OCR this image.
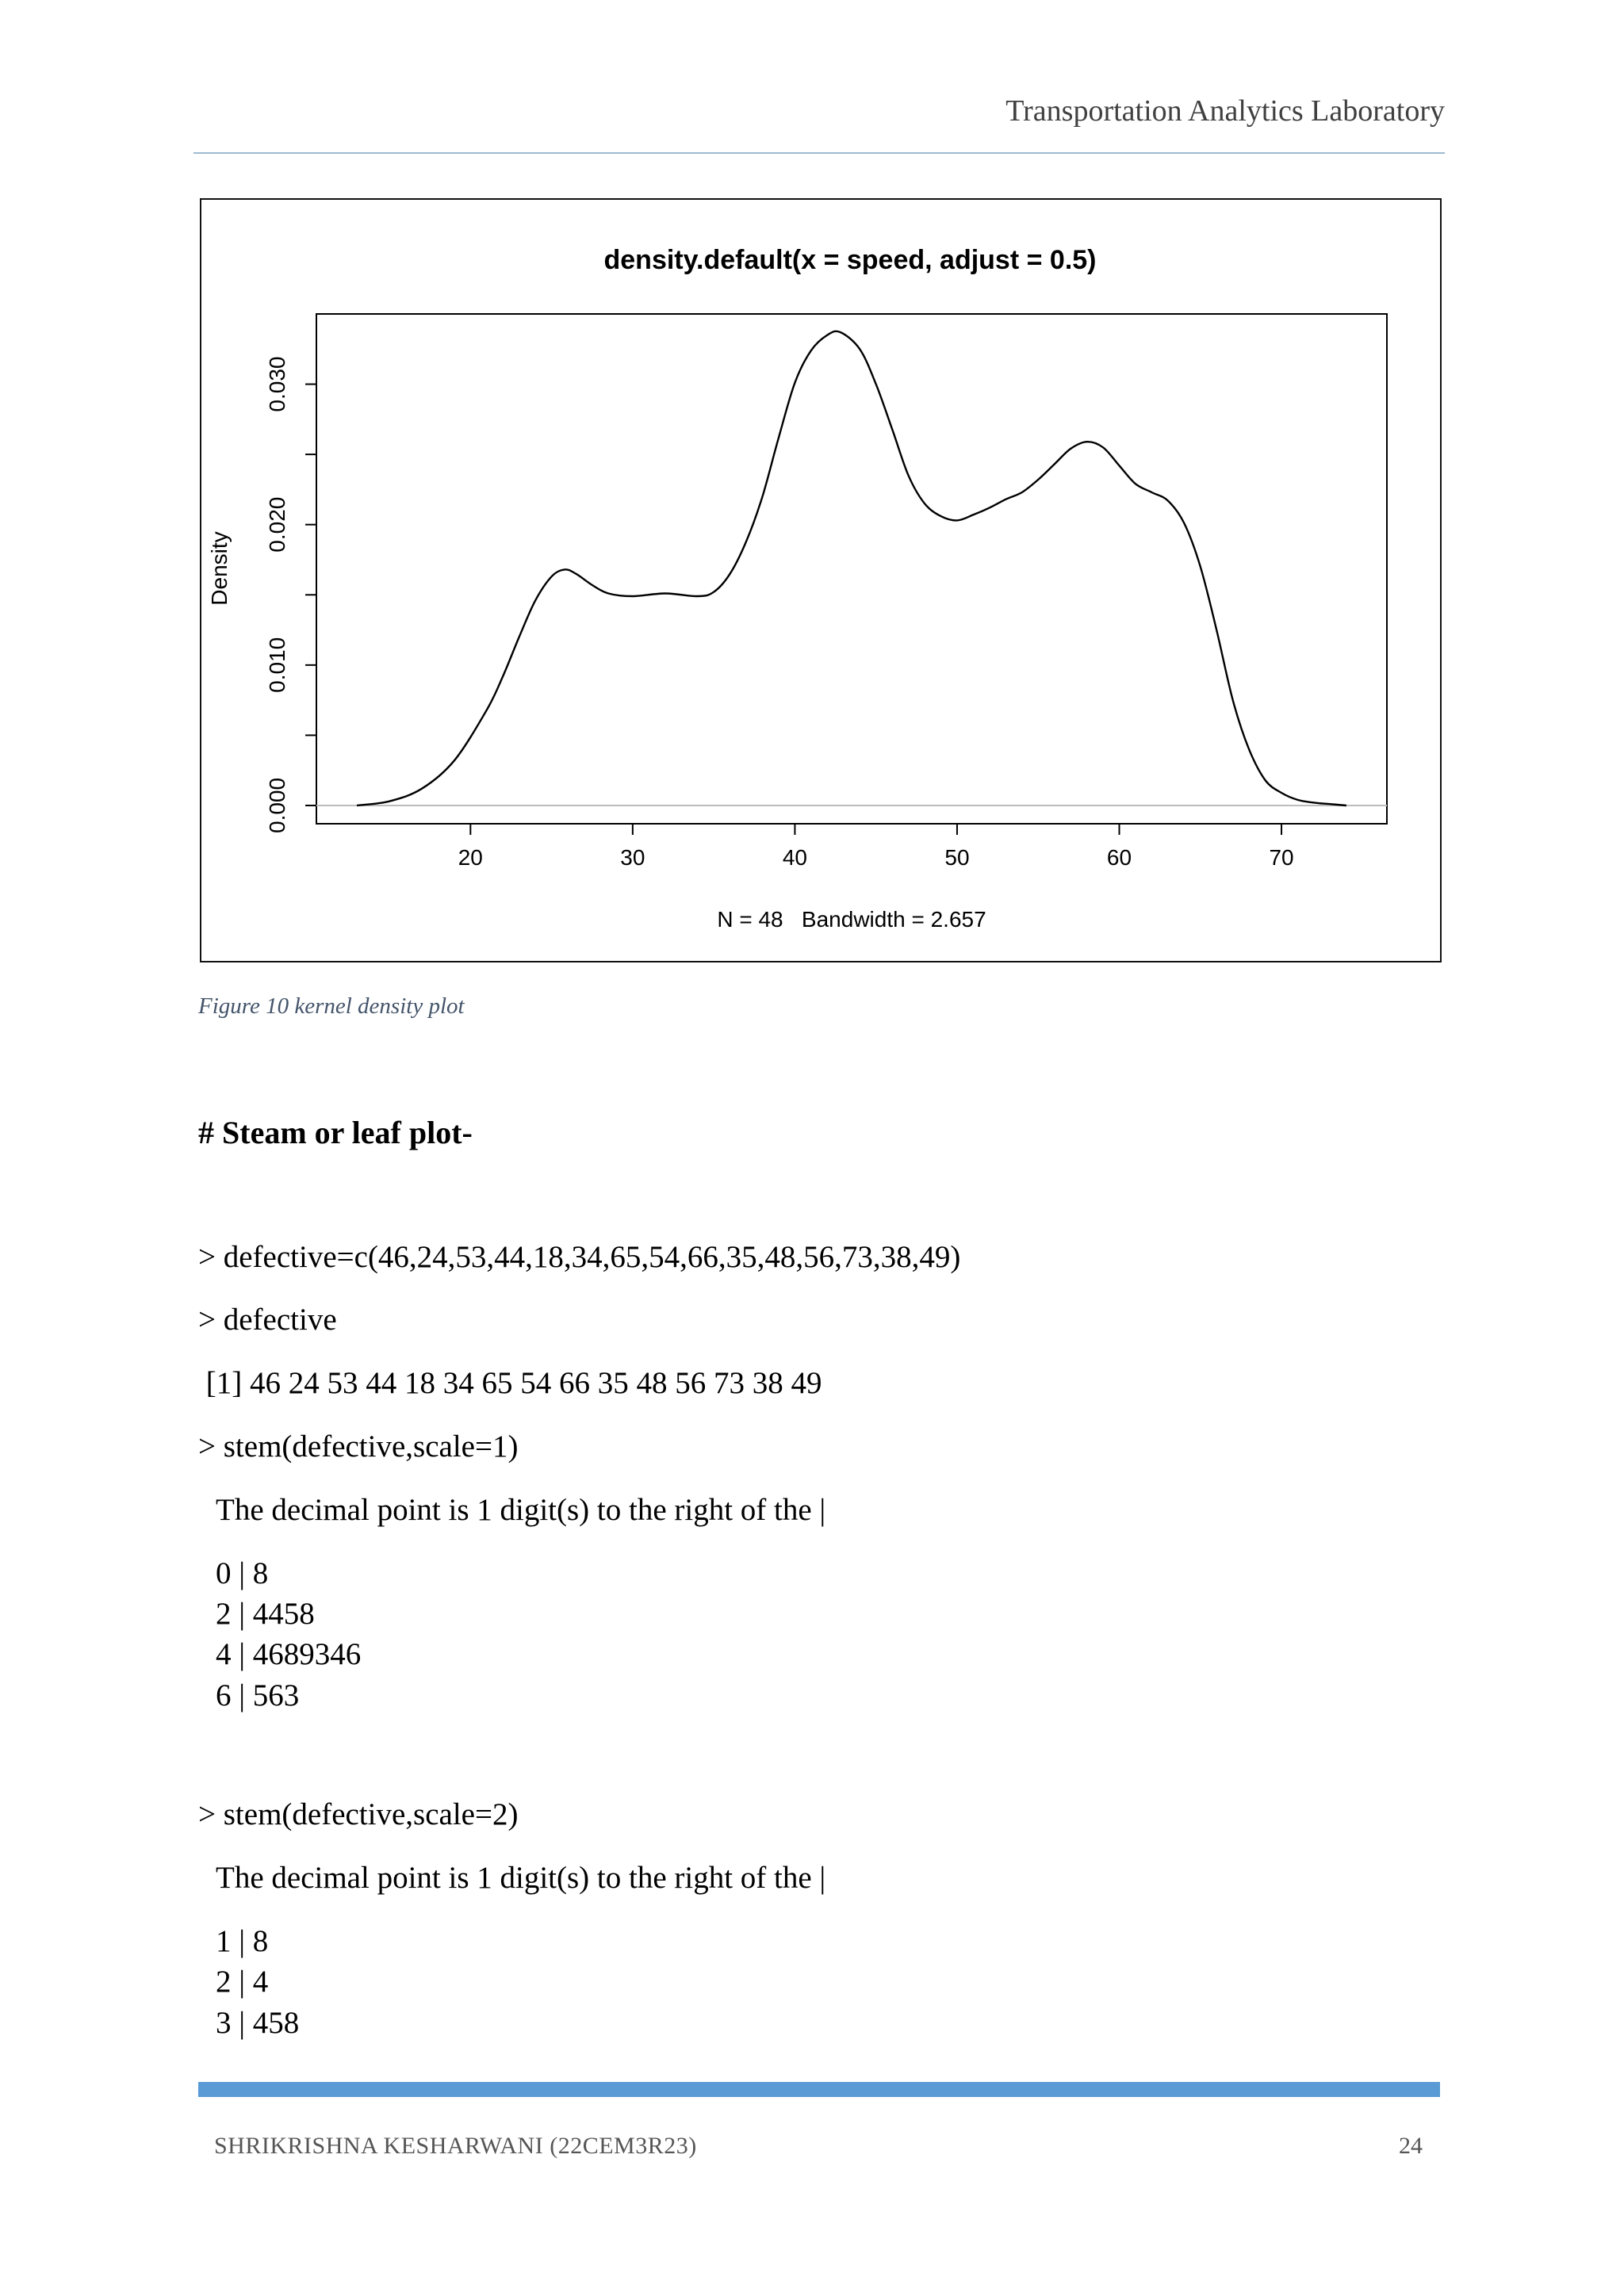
Transportation Analytics Laboratory
density.default(x = speed, adjust = 0.5)
20	30	40	50	60	70
0.000
0.010
0.020
0.030
N = 48   Bandwidth = 2.657
Density
Figure 10 kernel density plot
# Steam or leaf plot-
> defective=c(46,24,53,44,18,34,65,54,66,35,48,56,73,38,49)
> defective
[1] 46 24 53 44 18 34 65 54 66 35 48 56 73 38 49
> stem(defective,scale=1)
The decimal point is 1 digit(s) to the right of the |
0 | 8
2 | 4458
4 | 4689346
6 | 563
> stem(defective,scale=2)
The decimal point is 1 digit(s) to the right of the |
1 | 8
2 | 4
3 | 458
SHRIKRISHNA KESHARWANI (22CEM3R23)	24
